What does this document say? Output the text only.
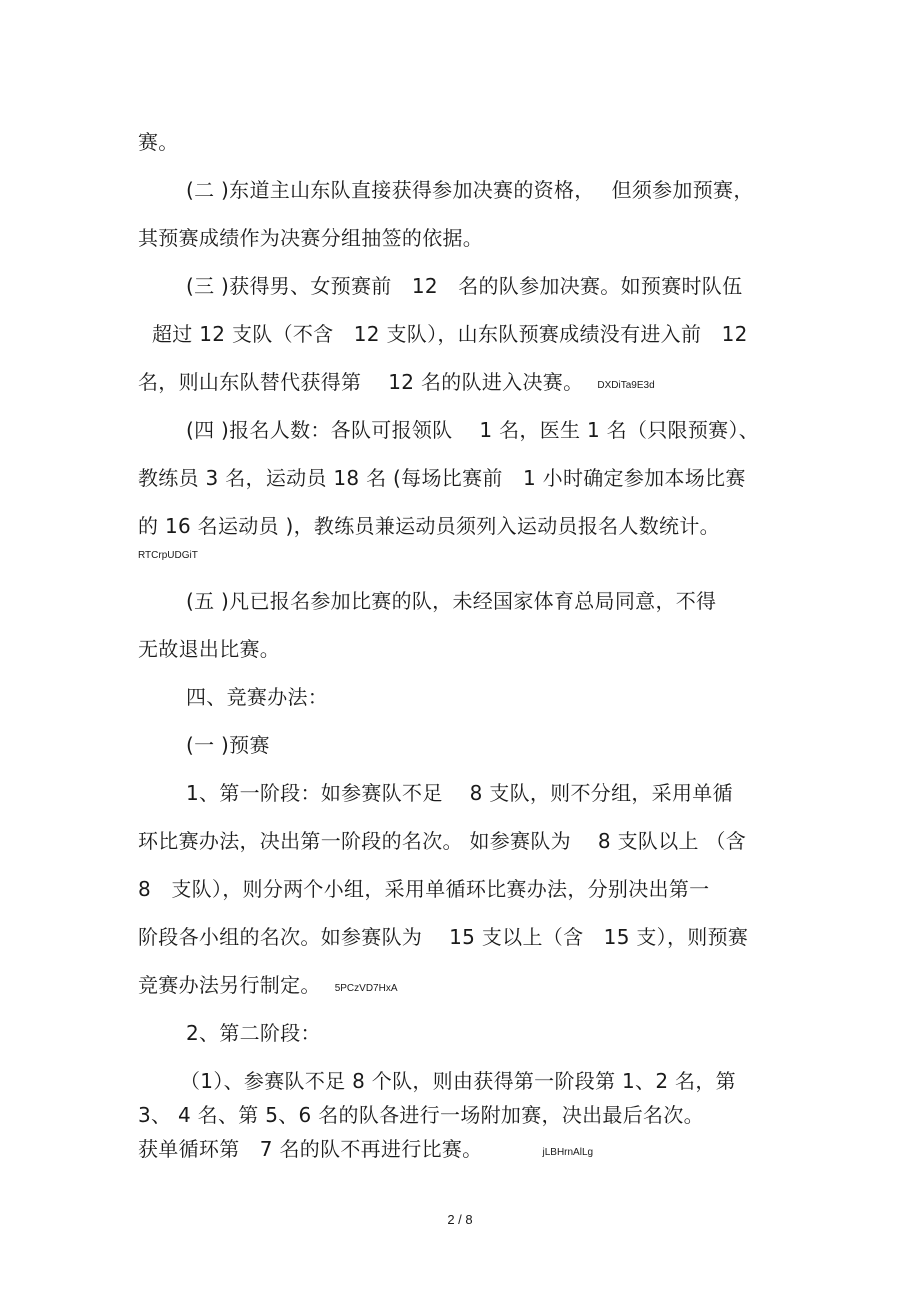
赛。
(二 )东道主山东队直接获得参加决赛的资格，　 但须参加预赛，
其预赛成绩作为决赛分组抽签的依据。
(三 )获得男、女预赛前　12　名的队参加决赛。如预赛时队伍
超过 12 支队（不含　12 支队），山东队预赛成绩没有进入前　12
名，则山东队替代获得第　 12 名的队进入决赛。 DXDiTa9E3d
(四 )报名人数：各队可报领队　 1 名，医生 1 名（只限预赛）、
教练员 3 名，运动员 18 名 (每场比赛前　1 小时确定参加本场比赛
的 16 名运动员 )，教练员兼运动员须列入运动员报名人数统计。
RTCrpUDGiT
(五 )凡已报名参加比赛的队，未经国家体育总局同意，不得
无故退出比赛。
四、竞赛办法：
(一 )预赛
1、第一阶段：如参赛队不足　 8 支队，则不分组，采用单循
环比赛办法，决出第一阶段的名次。 如参赛队为　 8 支队以上 （含
8　支队），则分两个小组，采用单循环比赛办法，分别决出第一
阶段各小组的名次。如参赛队为　 15 支以上（含　15 支），则预赛
竞赛办法另行制定。 5PCzVD7HxA
2、第二阶段：
（1）、参赛队不足 8 个队，则由获得第一阶段第 1、2 名，第
3、 4 名、第 5、6 名的队各进行一场附加赛，决出最后名次。
获单循环第　7 名的队不再进行比赛。	jLBHrnAlLg
2 / 8
